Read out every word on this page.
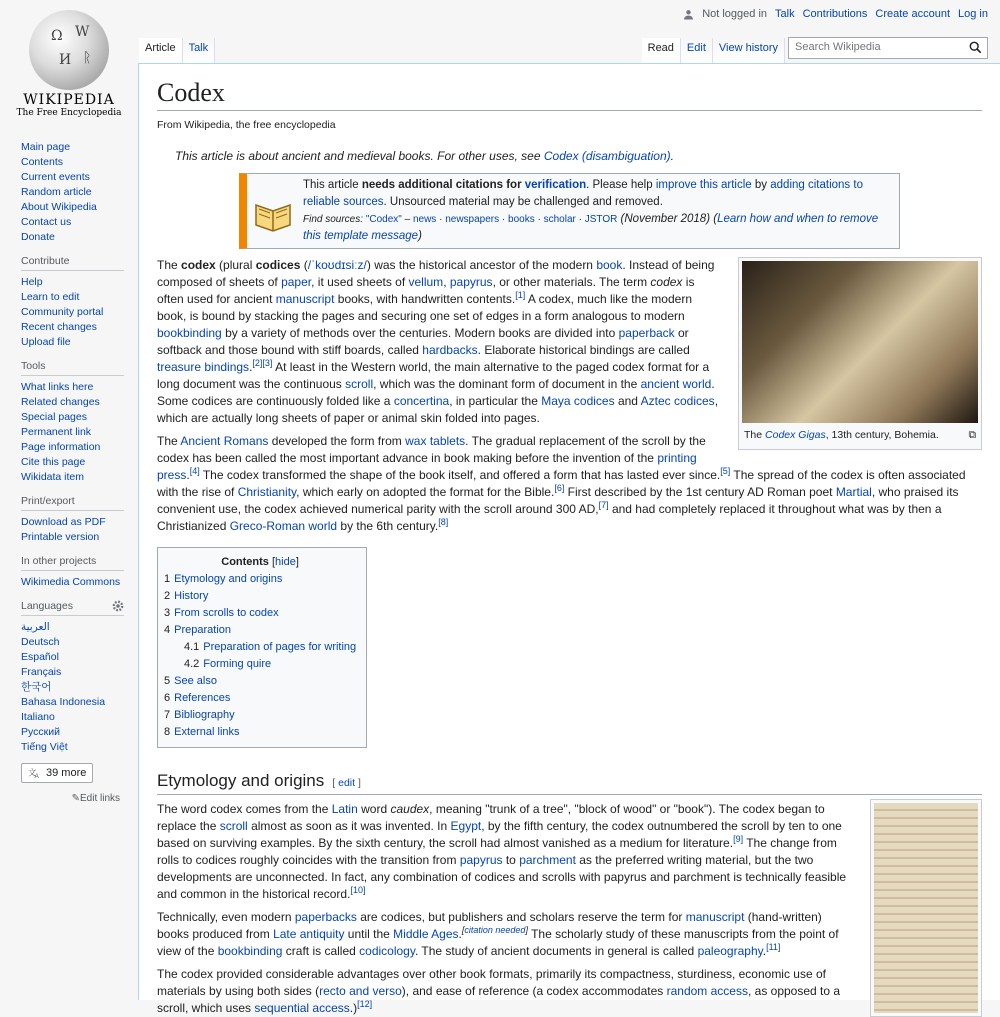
Not logged in Talk Contributions Create account Log in
Ω W
И ᚱ
WIKIPEDIA
The Free Encyclopedia
Main page
Contents
Current events
Random article
About Wikipedia
Contact us
Donate
Contribute
Help
Learn to edit
Community portal
Recent changes
Upload file
Tools
What links here
Related changes
Special pages
Permanent link
Page information
Cite this page
Wikidata item
Print/export
Download as PDF
Printable version
In other projects
Wikimedia Commons
Languages
العربية
Deutsch
Español
Français
한국어
Bahasa Indonesia
Italiano
Русский
Tiếng Việt
文
A 39 more
✎Edit links
Article	Talk	Read	Edit	View history	Search Wikipedia
Codex
From Wikipedia, the free encyclopedia
This article is about ancient and medieval books. For other uses, see Codex (disambiguation).
This article needs additional citations for verification. Please help improve this article by adding citations to reliable sources. Unsourced material may be challenged and removed.
Find sources: "Codex" – news · newspapers · books · scholar · JSTOR (November 2018) (Learn how and when to remove this template message)
The Codex Gigas, 13th century, Bohemia.	⧉

The codex (plural codices (/ˈkoʊdɪsiːz/) was the historical ancestor of the modern book. Instead of being composed of sheets of paper, it used sheets of vellum, papyrus, or other materials. The term codex is often used for ancient manuscript books, with handwritten contents.[1] A codex, much like the modern book, is bound by stacking the pages and securing one set of edges in a form analogous to modern bookbinding by a variety of methods over the centuries. Modern books are divided into paperback or softback and those bound with stiff boards, called hardbacks. Elaborate historical bindings are called treasure bindings.[2][3] At least in the Western world, the main alternative to the paged codex format for a long document was the continuous scroll, which was the dominant form of document in the ancient world. Some codices are continuously folded like a concertina, in particular the Maya codices and Aztec codices, which are actually long sheets of paper or animal skin folded into pages.

The Ancient Romans developed the form from wax tablets. The gradual replacement of the scroll by the codex has been called the most important advance in book making before the invention of the printing press.[4] The codex transformed the shape of the book itself, and offered a form that has lasted ever since.[5] The spread of the codex is often associated with the rise of Christianity, which early on adopted the format for the Bible.[6] First described by the 1st century AD Roman poet Martial, who praised its convenient use, the codex achieved numerical parity with the scroll around 300 AD,[7] and had completely replaced it throughout what was by then a Christianized Greco-Roman world by the 6th century.[8]

Contents [hide]
1 Etymology and origins
2 History
3 From scrolls to codex
4 Preparation
4.1 Preparation of pages for writing
4.2 Forming quire
5 See also
6 References
7 Bibliography
8 External links
Etymology and origins [ edit ]

The word codex comes from the Latin word caudex, meaning "trunk of a tree", "block of wood" or "book"). The codex began to replace the scroll almost as soon as it was invented. In Egypt, by the fifth century, the codex outnumbered the scroll by ten to one based on surviving examples. By the sixth century, the scroll had almost vanished as a medium for literature.[9] The change from rolls to codices roughly coincides with the transition from papyrus to parchment as the preferred writing material, but the two developments are unconnected. In fact, any combination of codices and scrolls with papyrus and parchment is technically feasible and common in the historical record.[10]

Technically, even modern paperbacks are codices, but publishers and scholars reserve the term for manuscript (hand-written) books produced from Late antiquity until the Middle Ages.[citation needed] The scholarly study of these manuscripts from the point of view of the bookbinding craft is called codicology. The study of ancient documents in general is called paleography.[11]

The codex provided considerable advantages over other book formats, primarily its compactness, sturdiness, economic use of materials by using both sides (recto and verso), and ease of reference (a codex accommodates random access, as opposed to a scroll, which uses sequential access.)[12]
